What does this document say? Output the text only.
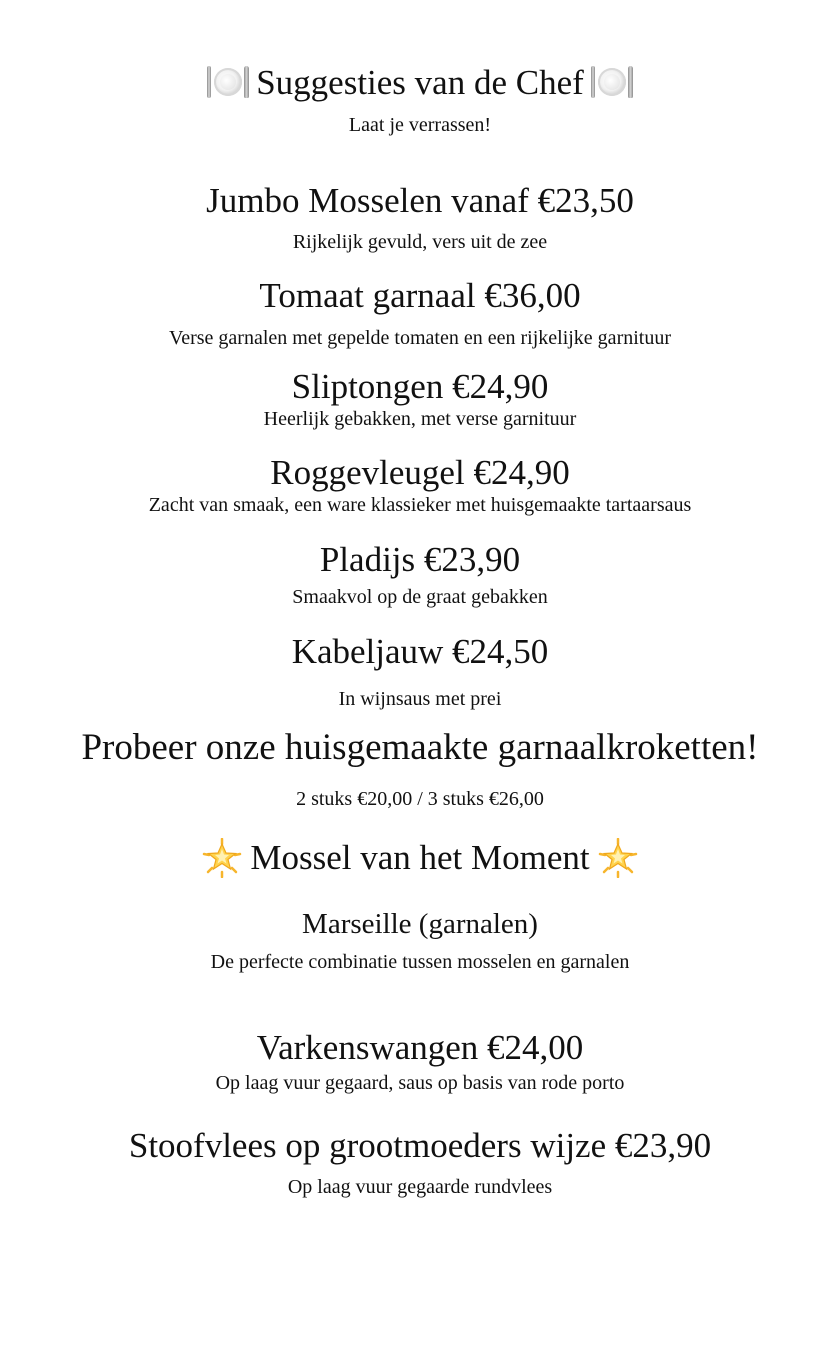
Suggesties van de Chef
Laat je verrassen!
Jumbo Mosselen vanaf €23,50
Rijkelijk gevuld, vers uit de zee
Tomaat garnaal €36,00
Verse garnalen met gepelde tomaten en een rijkelijke garnituur
Sliptongen €24,90
Heerlijk gebakken, met verse garnituur
Roggevleugel €24,90
Zacht van smaak, een ware klassieker met huisgemaakte tartaarsaus
Pladijs €23,90
Smaakvol op de graat gebakken
Kabeljauw €24,50
In wijnsaus met prei
Probeer onze huisgemaakte garnaalkroketten!
2 stuks €20,00 / 3 stuks €26,00
Mossel van het Moment
Marseille (garnalen)
De perfecte combinatie tussen mosselen en garnalen
Varkenswangen €24,00
Op laag vuur gegaard, saus op basis van rode porto
Stoofvlees op grootmoeders wijze €23,90
Op laag vuur gegaarde rundvlees
